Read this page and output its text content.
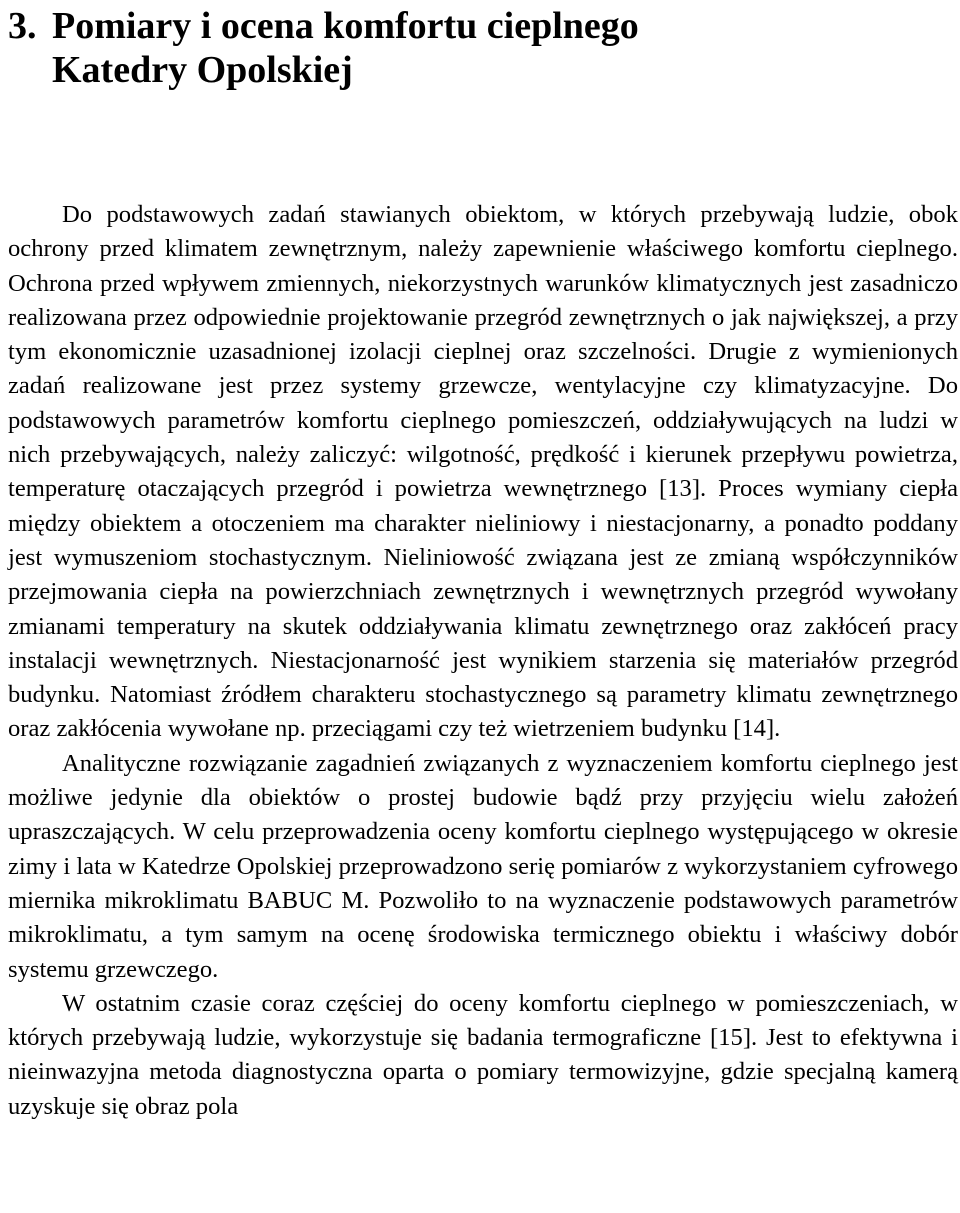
3. Pomiary i ocena komfortu cieplnego
Katedry Opolskiej

Do podstawowych zadań stawianych obiektom, w których przebywają ludzie, obok ochrony przed klimatem zewnętrznym, należy zapewnienie właściwego komfortu cieplnego. Ochrona przed wpływem zmiennych, niekorzystnych warunków klimatycznych jest zasadniczo realizowana przez odpowiednie projektowanie przegród zewnętrznych o jak największej, a przy tym ekonomicznie uzasadnionej izolacji cieplnej oraz szczelności. Drugie z wymienionych zadań realizowane jest przez systemy grzewcze, wentylacyjne czy klimatyzacyjne. Do podstawowych parametrów komfortu cieplnego pomieszczeń, oddziaływujących na ludzi w nich przebywających, należy zaliczyć: wilgotność, prędkość i kierunek przepływu powietrza, temperaturę otaczających przegród i powietrza wewnętrznego [13]. Proces wymiany ciepła między obiektem a otoczeniem ma charakter nieliniowy i niestacjonarny, a ponadto poddany jest wymuszeniom stochastycznym. Nieliniowość związana jest ze zmianą współczynników przejmowania ciepła na powierzchniach zewnętrznych i wewnętrznych przegród wywołany zmianami temperatury na skutek oddziaływania klimatu zewnętrznego oraz zakłóceń pracy instalacji wewnętrznych. Niestacjonarność jest wynikiem starzenia się materiałów przegród budynku. Natomiast źródłem charakteru stochastycznego są parametry klimatu zewnętrznego oraz zakłócenia wywołane np. przeciągami czy też wietrzeniem budynku [14].

Analityczne rozwiązanie zagadnień związanych z wyznaczeniem komfortu cieplnego jest możliwe jedynie dla obiektów o prostej budowie bądź przy przyjęciu wielu założeń upraszczających. W celu przeprowadzenia oceny komfortu cieplnego występującego w okresie zimy i lata w Katedrze Opolskiej przeprowadzono serię pomiarów z wykorzystaniem cyfrowego miernika mikroklimatu BABUC M. Pozwoliło to na wyznaczenie podstawowych parametrów mikroklimatu, a tym samym na ocenę środowiska termicznego obiektu i właściwy dobór systemu grzewczego.

W ostatnim czasie coraz częściej do oceny komfortu cieplnego w pomieszczeniach, w których przebywają ludzie, wykorzystuje się badania termograficzne [15]. Jest to efektywna i nieinwazyjna metoda diagnostyczna oparta o pomiary termowizyjne, gdzie specjalną kamerą uzyskuje się obraz pola
